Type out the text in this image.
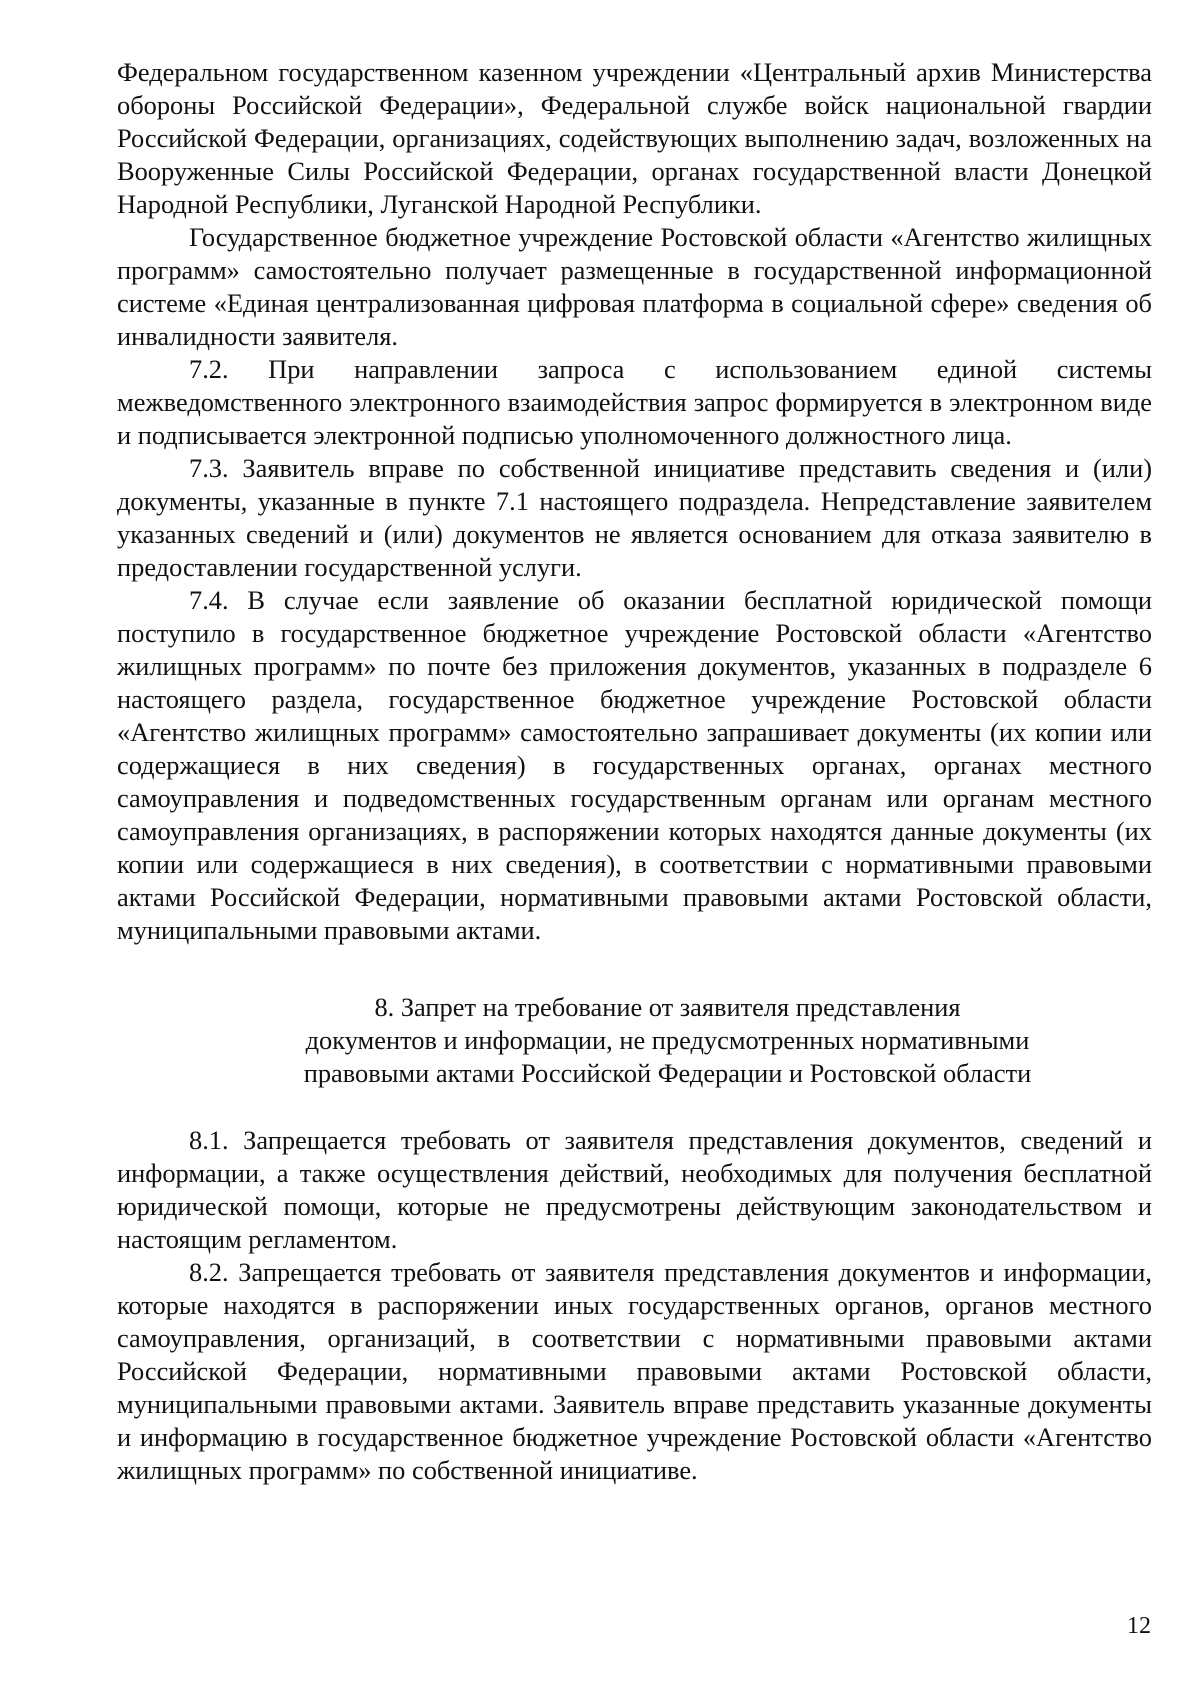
Федеральном государственном казенном учреждении «Центральный архив Министерства обороны Российской Федерации», Федеральной службе войск национальной гвардии Российской Федерации, организациях, содействующих выполнению задач, возложенных на Вооруженные Силы Российской Федерации, органах государственной власти Донецкой Народной Республики, Луганской Народной Республики.

Государственное бюджетное учреждение Ростовской области «Агентство жилищных программ» самостоятельно получает размещенные в государственной информационной системе «Единая централизованная цифровая платформа в социальной сфере» сведения об инвалидности заявителя.

7.2. При направлении запроса с использованием единой системы межведомственного электронного взаимодействия запрос формируется в электронном виде и подписывается электронной подписью уполномоченного должностного лица.

7.3. Заявитель вправе по собственной инициативе представить сведения и (или) документы, указанные в пункте 7.1 настоящего подраздела. Непредставление заявителем указанных сведений и (или) документов не является основанием для отказа заявителю в предоставлении государственной услуги.

7.4. В случае если заявление об оказании бесплатной юридической помощи поступило в государственное бюджетное учреждение Ростовской области «Агентство жилищных программ» по почте без приложения документов, указанных в подразделе 6 настоящего раздела, государственное бюджетное учреждение Ростовской области «Агентство жилищных программ» самостоятельно запрашивает документы (их копии или содержащиеся в них сведения) в государственных органах, органах местного самоуправления и подведомственных государственным органам или органам местного самоуправления организациях, в распоряжении которых находятся данные документы (их копии или содержащиеся в них сведения), в соответствии с нормативными правовыми актами Российской Федерации, нормативными правовыми актами Ростовской области, муниципальными правовыми актами.

8. Запрет на требование от заявителя представления
документов и информации, не предусмотренных нормативными
правовыми актами Российской Федерации и Ростовской области

8.1. Запрещается требовать от заявителя представления документов, сведений и информации, а также осуществления действий, необходимых для получения бесплатной юридической помощи, которые не предусмотрены действующим законодательством и настоящим регламентом.

8.2. Запрещается требовать от заявителя представления документов и информации, которые находятся в распоряжении иных государственных органов, органов местного самоуправления, организаций, в соответствии с нормативными правовыми актами Российской Федерации, нормативными правовыми актами Ростовской области, муниципальными правовыми актами. Заявитель вправе представить указанные документы и информацию в государственное бюджетное учреждение Ростовской области «Агентство жилищных программ» по собственной инициативе.

12
